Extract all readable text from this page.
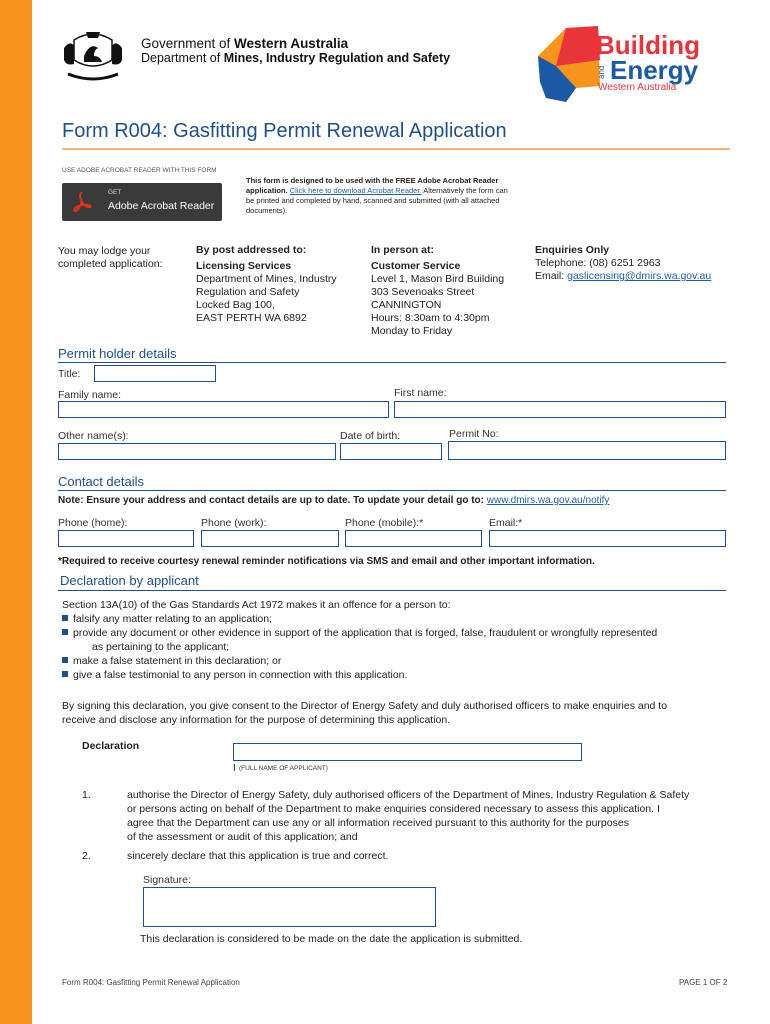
Government of Western Australia
Department of Mines, Industry Regulation and Safety	Building
and Energy
Western Australia
Form R004: Gasfitting Permit Renewal Application
USE ADOBE ACROBAT READER WITH THIS FORM
GET
Adobe Acrobat Reader
This form is designed to be used with the FREE Adobe Acrobat Reader application. Click here to download Acrobat Reader. Alternatively the form can be printed and completed by hand, scanned and submitted (with all attached documents).
You may lodge your
completed application:
By post addressed to:
Licensing Services
Department of Mines, Industry
Regulation and Safety
Locked Bag 100,
EAST PERTH WA 6892
In person at:
Customer Service
Level 1, Mason Bird Building
303 Sevenoaks Street
CANNINGTON
Hours: 8:30am to 4:30pm
Monday to Friday
Enquiries Only
Telephone: (08) 6251 2963
Email: gaslicensing@dmirs.wa.gov.au
Permit holder details
Title:
Family name:	First name:
Other name(s):	Date of birth:	Permit No:
Contact details
Note: Ensure your address and contact details are up to date. To update your detail go to: www.dmirs.wa.gov.au/notify
Phone (home):	Phone (work):	Phone (mobile):*	Email:*
*Required to receive courtesy renewal reminder notifications via SMS and email and other important information.
Declaration by applicant
Section 13A(10) of the Gas Standards Act 1972 makes it an offence for a person to:
falsify any matter relating to an application;
provide any document or other evidence in support of the application that is forged, false, fraudulent or wrongfully represented
as pertaining to the applicant;
make a false statement in this declaration; or
give a false testimonial to any person in connection with this application.
By signing this declaration, you give consent to the Director of Energy Safety and duly authorised officers to make enquiries and to
receive and disclose any information for the purpose of determining this application.
Declaration
I (FULL NAME OF APPLICANT)
1.	authorise the Director of Energy Safety, duly authorised officers of the Department of Mines, Industry Regulation & Safety
or persons acting on behalf of the Department to make enquiries considered necessary to assess this application. I
agree that the Department can use any or all information received pursuant to this authority for the purposes
of the assessment or audit of this application; and
2.	sincerely declare that this application is true and correct.
Signature:
This declaration is considered to be made on the date the application is submitted.
Form R004: Gasfitting Permit Renewal Application	PAGE 1 OF 2
